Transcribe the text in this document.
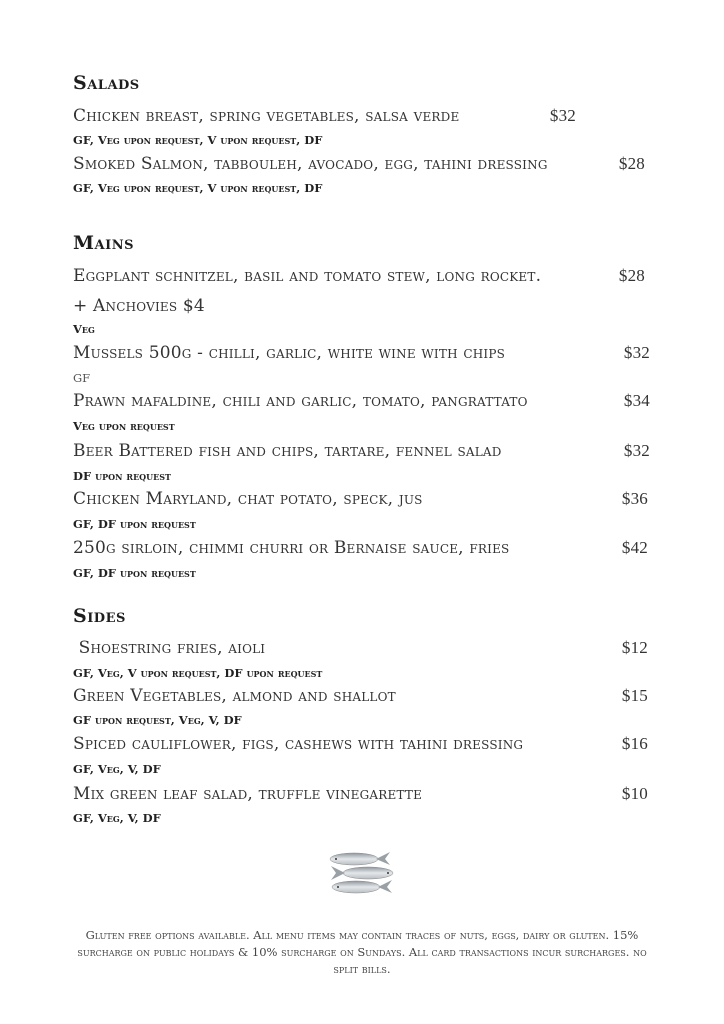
Salads
Chicken breast, spring vegetables, salsa verde	$32
GF, Veg upon request, V upon request, DF
Smoked Salmon, tabbouleh, avocado, egg, tahini dressing	$28
GF, Veg upon request, V upon request, DF
Mains
Eggplant schnitzel, basil and tomato stew, long rocket.	$28
+ Anchovies $4
Veg
Mussels 500g - chilli, garlic, white wine with chips	$32
GF
Prawn mafaldine, chili and garlic, tomato, pangrattato	$34
Veg upon request
Beer Battered fish and chips, tartare, fennel salad	$32
DF upon request
Chicken Maryland, chat potato, speck, jus	$36
GF, DF upon request
250g sirloin, chimmi churri or Bernaise sauce, fries	$42
GF, DF upon request
Sides
Shoestring fries, aioli	$12
GF, Veg, V upon request, DF upon request
Green Vegetables, almond and shallot	$15
GF upon request, Veg, V, DF
Spiced cauliflower, figs, cashews with tahini dressing	$16
GF, Veg, V, DF
Mix green leaf salad, truffle vinegarette	$10
GF, Veg, V, DF
Gluten free options available. All menu items may contain traces of nuts, eggs, dairy or gluten. 15% surcharge on public holidays & 10% surcharge on Sundays. All card transactions incur surcharges. no split bills.
